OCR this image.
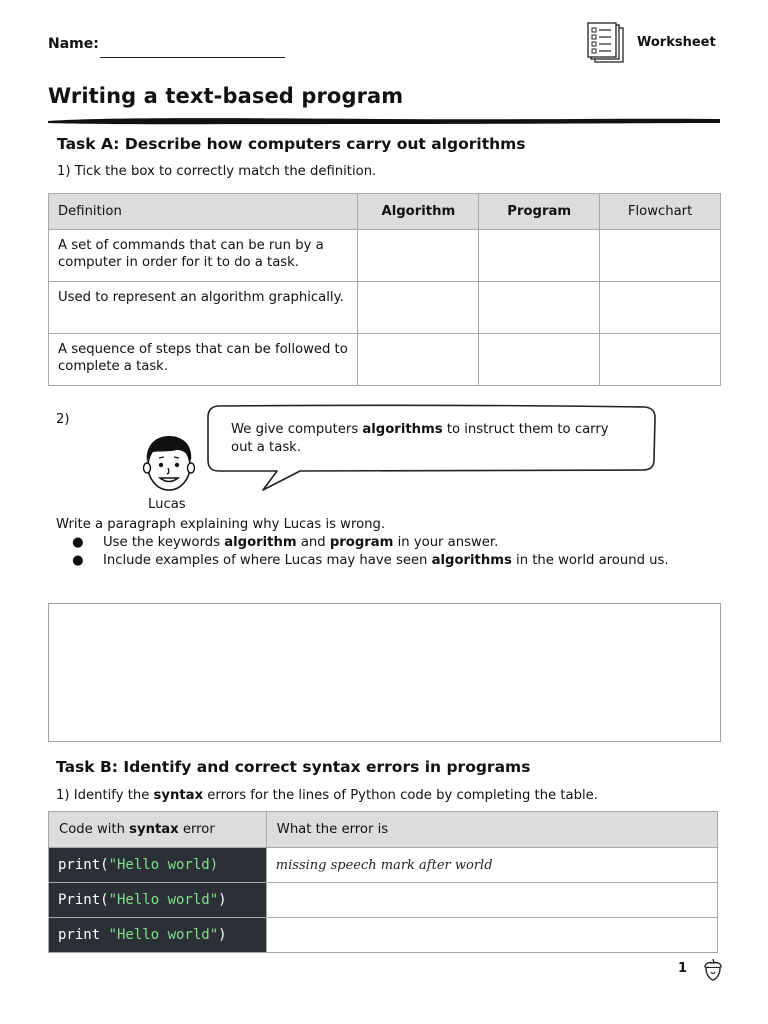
Name:	Worksheet
Writing a text-based program
Task A: Describe how computers carry out algorithms
1) Tick the box to correctly match the definition.
Definition	Algorithm	Program	Flowchart
A set of commands that can be run by a computer in order for it to do a task.			
Used to represent an algorithm graphically.			
A sequence of steps that can be followed to complete a task.			
2)
We give computers algorithms to instruct them to carry out a task.
Lucas
Write a paragraph explaining why Lucas is wrong.
● Use the keywords algorithm and program in your answer.
● Include examples of where Lucas may have seen algorithms in the world around us.
Task B: Identify and correct syntax errors in programs
1) Identify the syntax errors for the lines of Python code by completing the table.
Code with syntax error	What the error is
print("Hello world)	missing speech mark after world
Print("Hello world")	
print "Hello world")	
1
